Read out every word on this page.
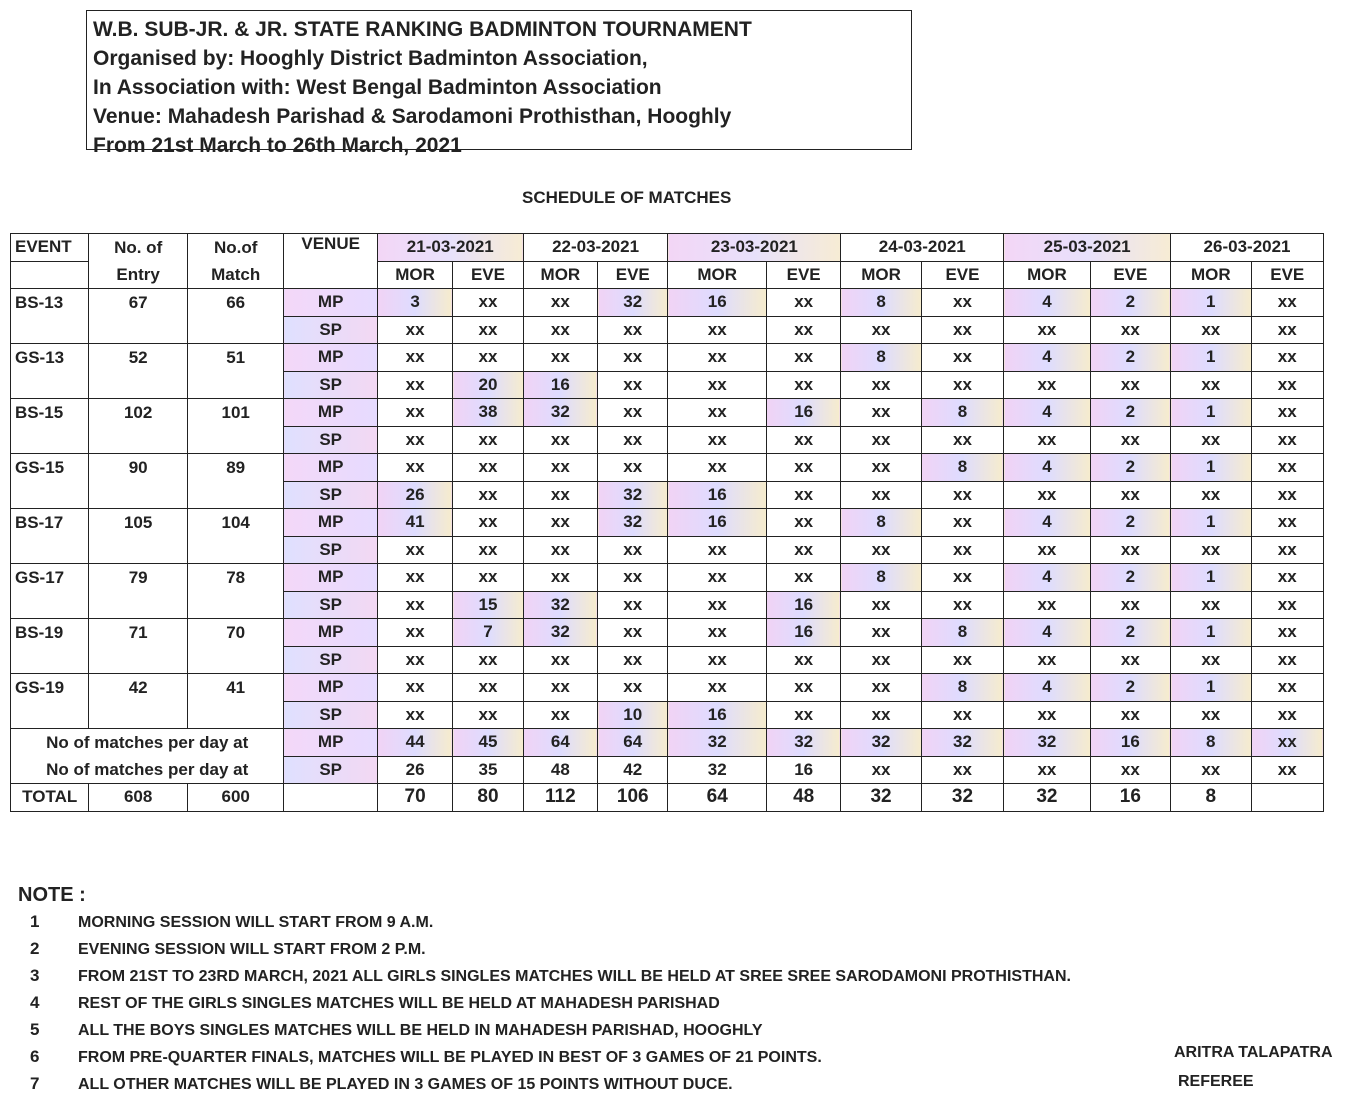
W.B. SUB-JR. & JR. STATE RANKING BADMINTON TOURNAMENT
Organised by: Hooghly District Badminton Association,
In Association with: West Bengal Badminton Association
Venue: Mahadesh Parishad & Sarodamoni Prothisthan, Hooghly
From 21st March to 26th March, 2021
SCHEDULE OF MATCHES
EVENT	No. of	No.of	VENUE	21-03-2021		22-03-2021		23-03-2021		24-03-2021		25-03-2021		26-03-2021	
	Entry	Match		MOR	EVE	MOR	EVE	MOR	EVE	MOR	EVE	MOR	EVE	MOR	EVE
BS-13	67	66	MP	3	xx	xx	32	16	xx	8	xx	4	2	1	xx
			SP	xx	xx	xx	xx	xx	xx	xx	xx	xx	xx	xx	xx
GS-13	52	51	MP	xx	xx	xx	xx	xx	xx	8	xx	4	2	1	xx
			SP	xx	20	16	xx	xx	xx	xx	xx	xx	xx	xx	xx
BS-15	102	101	MP	xx	38	32	xx	xx	16	xx	8	4	2	1	xx
			SP	xx	xx	xx	xx	xx	xx	xx	xx	xx	xx	xx	xx
GS-15	90	89	MP	xx	xx	xx	xx	xx	xx	xx	8	4	2	1	xx
			SP	26	xx	xx	32	16	xx	xx	xx	xx	xx	xx	xx
BS-17	105	104	MP	41	xx	xx	32	16	xx	8	xx	4	2	1	xx
			SP	xx	xx	xx	xx	xx	xx	xx	xx	xx	xx	xx	xx
GS-17	79	78	MP	xx	xx	xx	xx	xx	xx	8	xx	4	2	1	xx
			SP	xx	15	32	xx	xx	16	xx	xx	xx	xx	xx	xx
BS-19	71	70	MP	xx	7	32	xx	xx	16	xx	8	4	2	1	xx
			SP	xx	xx	xx	xx	xx	xx	xx	xx	xx	xx	xx	xx
GS-19	42	41	MP	xx	xx	xx	xx	xx	xx	xx	8	4	2	1	xx
			SP	xx	xx	xx	10	16	xx	xx	xx	xx	xx	xx	xx
No of matches per day at			MP	44	45	64	64	32	32	32	32	32	16	8	xx
No of matches per day at			SP	26	35	48	42	32	16	xx	xx	xx	xx	xx	xx
TOTAL	608	600		70	80	112	106	64	48	32	32	32	16	8	
NOTE :
1 MORNING SESSION WILL START FROM 9 A.M.
2 EVENING SESSION WILL START FROM 2 P.M.
3 FROM 21ST TO 23RD MARCH, 2021 ALL GIRLS SINGLES MATCHES WILL BE HELD AT SREE SREE SARODAMONI PROTHISTHAN.
4 REST OF THE GIRLS SINGLES MATCHES WILL BE HELD AT MAHADESH PARISHAD
5 ALL THE BOYS SINGLES MATCHES WILL BE HELD IN MAHADESH PARISHAD, HOOGHLY
6 FROM PRE-QUARTER FINALS, MATCHES WILL BE PLAYED IN BEST OF 3 GAMES OF 21 POINTS.
7 ALL OTHER MATCHES WILL BE PLAYED IN 3 GAMES OF 15 POINTS WITHOUT DUCE.
ARITRA TALAPATRA
REFEREE
